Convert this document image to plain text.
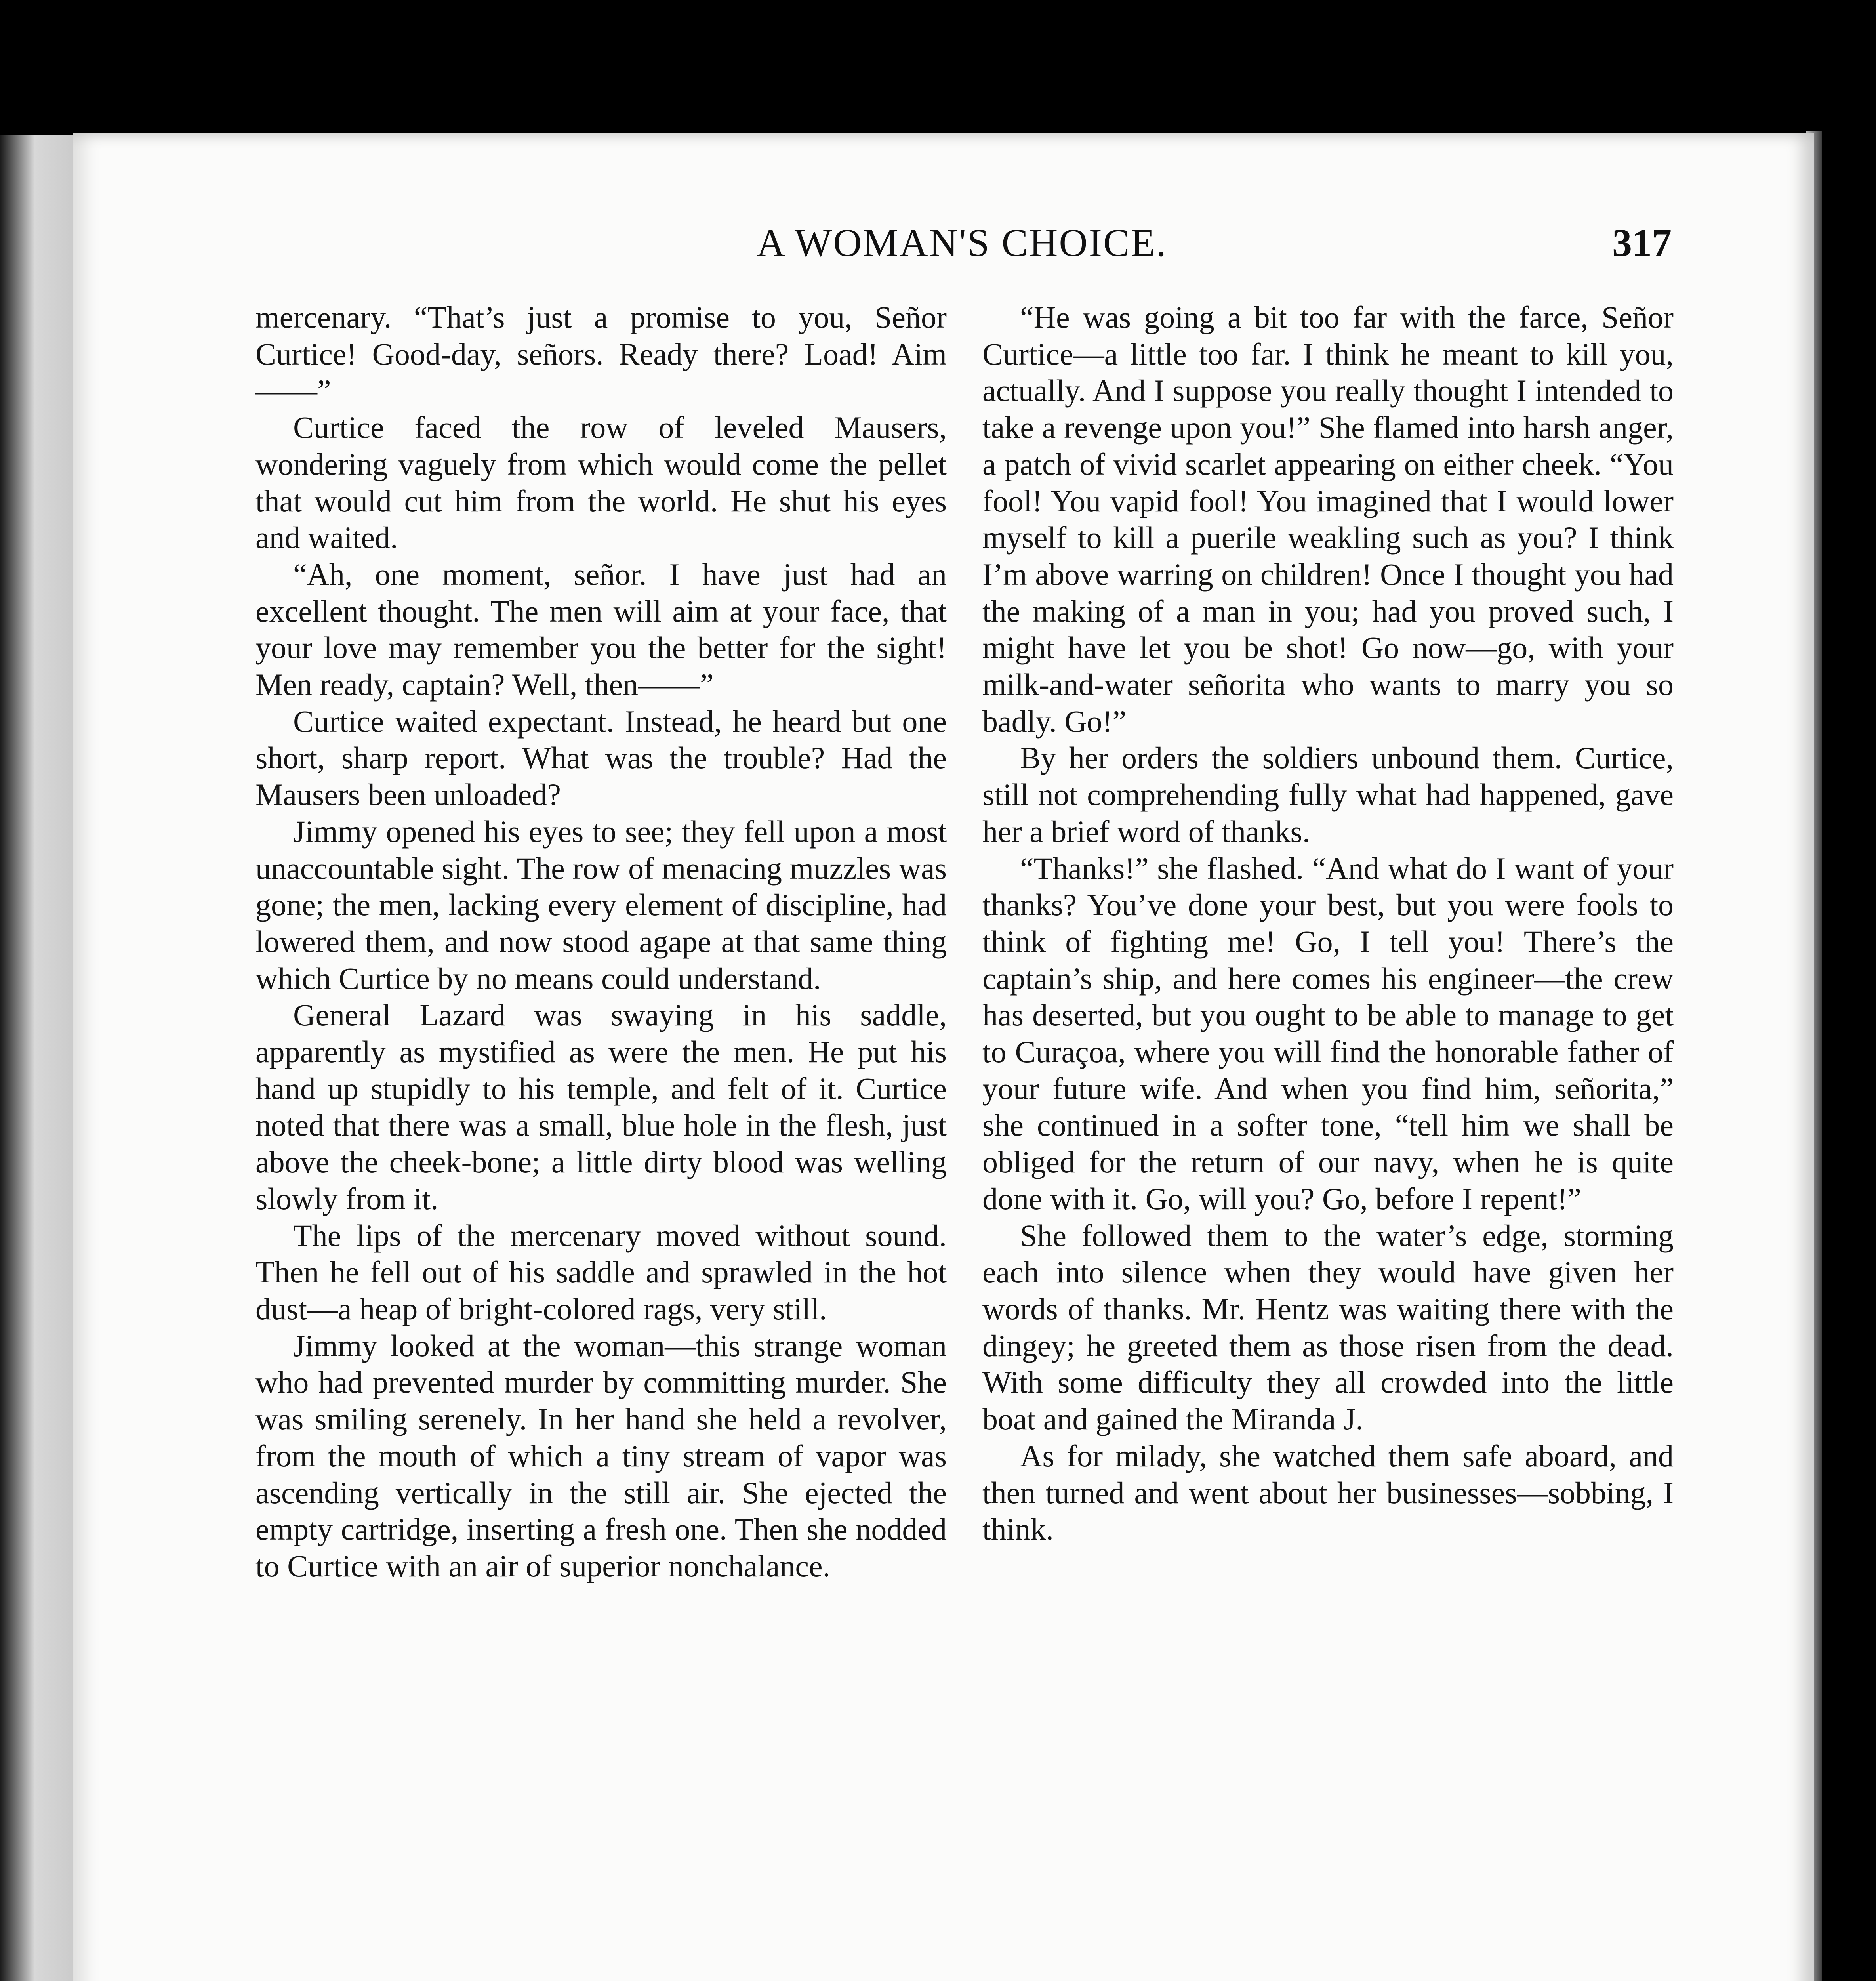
A WOMAN'S CHOICE.	317

mercenary. “That’s just a promise to you, Señor Curtice! Good-day, señors. Ready there? Load! Aim——”

Curtice faced the row of leveled Mausers, wondering vaguely from which would come the pellet that would cut him from the world. He shut his eyes and waited.

“Ah, one moment, señor. I have just had an excellent thought. The men will aim at your face, that your love may remember you the better for the sight! Men ready, captain? Well, then——”

Curtice waited expectant. Instead, he heard but one short, sharp report. What was the trouble? Had the Mausers been unloaded?

Jimmy opened his eyes to see; they fell upon a most unaccountable sight. The row of menacing muzzles was gone; the men, lacking every element of discipline, had lowered them, and now stood agape at that same thing which Curtice by no means could understand.

General Lazard was swaying in his saddle, apparently as mystified as were the men. He put his hand up stupidly to his temple, and felt of it. Curtice noted that there was a small, blue hole in the flesh, just above the cheek-bone; a little dirty blood was welling slowly from it.

The lips of the mercenary moved without sound. Then he fell out of his saddle and sprawled in the hot dust—a heap of bright-colored rags, very still.

Jimmy looked at the woman—this strange woman who had prevented murder by committing murder. She was smiling serenely. In her hand she held a revolver, from the mouth of which a tiny stream of vapor was ascending vertically in the still air. She ejected the empty cartridge, inserting a fresh one. Then she nodded to Curtice with an air of superior nonchalance.

“He was going a bit too far with the farce, Señor Curtice—a little too far. I think he meant to kill you, actually. And I suppose you really thought I intended to take a revenge upon you!” She flamed into harsh anger, a patch of vivid scarlet appearing on either cheek. “You fool! You vapid fool! You imagined that I would lower myself to kill a puerile weakling such as you? I think I’m above warring on children! Once I thought you had the making of a man in you; had you proved such, I might have let you be shot! Go now—go, with your milk-and-water señorita who wants to marry you so badly. Go!”

By her orders the soldiers unbound them. Curtice, still not comprehending fully what had happened, gave her a brief word of thanks.

“Thanks!” she flashed. “And what do I want of your thanks? You’ve done your best, but you were fools to think of fighting me! Go, I tell you! There’s the captain’s ship, and here comes his engineer—the crew has deserted, but you ought to be able to manage to get to Curaçoa, where you will find the honorable father of your future wife. And when you find him, señorita,” she continued in a softer tone, “tell him we shall be obliged for the return of our navy, when he is quite done with it. Go, will you? Go, before I repent!”

She followed them to the water’s edge, storming each into silence when they would have given her words of thanks. Mr. Hentz was waiting there with the dingey; he greeted them as those risen from the dead. With some difficulty they all crowded into the little boat and gained the Miranda J.

As for milady, she watched them safe aboard, and then turned and went about her businesses—sobbing, I think.
